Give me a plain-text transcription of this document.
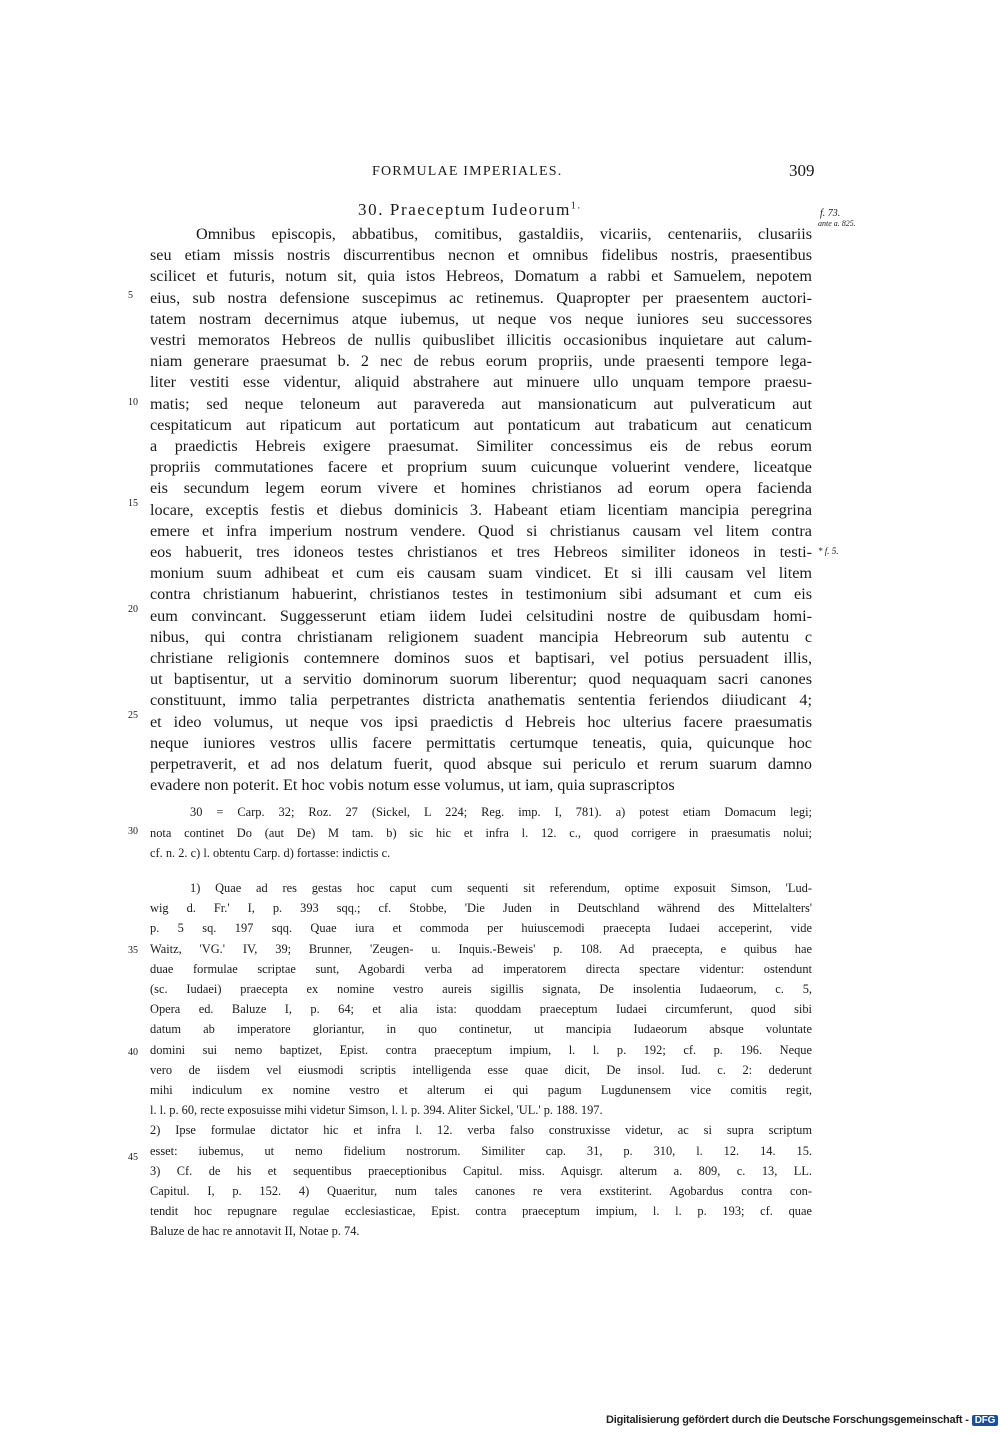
FORMULAE IMPERIALES.	309
30. Praeceptum Iudeorum$^{1.}$
f. 73.
ante a. 825.
Omnibus episcopis, abbatibus, comitibus, gastaldiis, vicariis, centenariis, clusariis
seu etiam missis nostris discurrentibus necnon et omnibus fidelibus nostris, praesentibus
scilicet et futuris, notum sit, quia istos Hebreos, Domatum a rabbi et Samuelem, nepotem
eius, sub nostra defensione suscepimus ac retinemus. Quapropter per praesentem auctori-
tatem nostram decernimus atque iubemus, ut neque vos neque iuniores seu successores
vestri memoratos Hebreos de nullis quibuslibet illicitis occasionibus inquietare aut calum-
niam generare praesumat b. 2 nec de rebus eorum propriis, unde praesenti tempore lega-
liter vestiti esse videntur, aliquid abstrahere aut minuere ullo unquam tempore praesu-
matis; sed neque teloneum aut paravereda aut mansionaticum aut pulveraticum aut
cespitaticum aut ripaticum aut portaticum aut pontaticum aut trabaticum aut cenaticum
a praedictis Hebreis exigere praesumat. Similiter concessimus eis de rebus eorum
propriis commutationes facere et proprium suum cuicunque voluerint vendere, liceatque
eis secundum legem eorum vivere et homines christianos ad eorum opera facienda
locare, exceptis festis et diebus dominicis 3. Habeant etiam licentiam mancipia peregrina
emere et infra imperium nostrum vendere. Quod si christianus causam vel litem contra
eos habuerit, tres idoneos testes christianos et tres Hebreos similiter idoneos in testi-
monium suum adhibeat et cum eis causam suam vindicet. Et si illi causam vel litem
contra christianum habuerint, christianos testes in testimonium sibi adsumant et cum eis
eum convincant. Suggesserunt etiam iidem Iudei celsitudini nostre de quibusdam homi-
nibus, qui contra christianam religionem suadent mancipia Hebreorum sub autentu c
christiane religionis contemnere dominos suos et baptisari, vel potius persuadent illis,
ut baptisentur, ut a servitio dominorum suorum liberentur; quod nequaquam sacri canones
constituunt, immo talia perpetrantes districta anathematis sententia feriendos diiudicant 4;
et ideo volumus, ut neque vos ipsi praedictis d Hebreis hoc ulterius facere praesumatis
neque iuniores vestros ullis facere permittatis certumque teneatis, quia, quicunque hoc
perpetraverit, et ad nos delatum fuerit, quod absque sui periculo et rerum suarum damno
evadere non poterit. Et hoc vobis notum esse volumus, ut iam, quia suprascriptos
5
10
15
20
25
30
35
40
45
* f. 5.
30 = Carp. 32; Roz. 27 (Sickel, L 224; Reg. imp. I, 781). a) potest etiam Domacum legi;
nota continet Do (aut De) M tam. b) sic hic et infra l. 12. c., quod corrigere in praesumatis nolui;
cf. n. 2. c) l. obtentu Carp. d) fortasse: indictis c.
1) Quae ad res gestas hoc caput cum sequenti sit referendum, optime exposuit Simson, 'Lud-
wig d. Fr.' I, p. 393 sqq.; cf. Stobbe, 'Die Juden in Deutschland während des Mittelalters'
p. 5 sq. 197 sqq. Quae iura et commoda per huiuscemodi praecepta Iudaei acceperint, vide
Waitz, 'VG.' IV, 39; Brunner, 'Zeugen- u. Inquis.-Beweis' p. 108. Ad praecepta, e quibus hae
duae formulae scriptae sunt, Agobardi verba ad imperatorem directa spectare videntur: ostendunt
(sc. Iudaei) praecepta ex nomine vestro aureis sigillis signata, De insolentia Iudaeorum, c. 5,
Opera ed. Baluze I, p. 64; et alia ista: quoddam praeceptum Iudaei circumferunt, quod sibi
datum ab imperatore gloriantur, in quo continetur, ut mancipia Iudaeorum absque voluntate
domini sui nemo baptizet, Epist. contra praeceptum impium, l. l. p. 192; cf. p. 196. Neque
vero de iisdem vel eiusmodi scriptis intelligenda esse quae dicit, De insol. Iud. c. 2: dederunt
mihi indiculum ex nomine vestro et alterum ei qui pagum Lugdunensem vice comitis regit,
l. l. p. 60, recte exposuisse mihi videtur Simson, l. l. p. 394. Aliter Sickel, 'UL.' p. 188. 197.
2) Ipse formulae dictator hic et infra l. 12. verba falso construxisse videtur, ac si supra scriptum
esset: iubemus, ut nemo fidelium nostrorum. Similiter cap. 31, p. 310, l. 12. 14. 15.
3) Cf. de his et sequentibus praeceptionibus Capitul. miss. Aquisgr. alterum a. 809, c. 13, LL.
Capitul. I, p. 152. 4) Quaeritur, num tales canones re vera exstiterint. Agobardus contra con-
tendit hoc repugnare regulae ecclesiasticae, Epist. contra praeceptum impium, l. l. p. 193; cf. quae
Baluze de hac re annotavit II, Notae p. 74.
Digitalisierung gefördert durch die Deutsche Forschungsgemeinschaft - DFG
